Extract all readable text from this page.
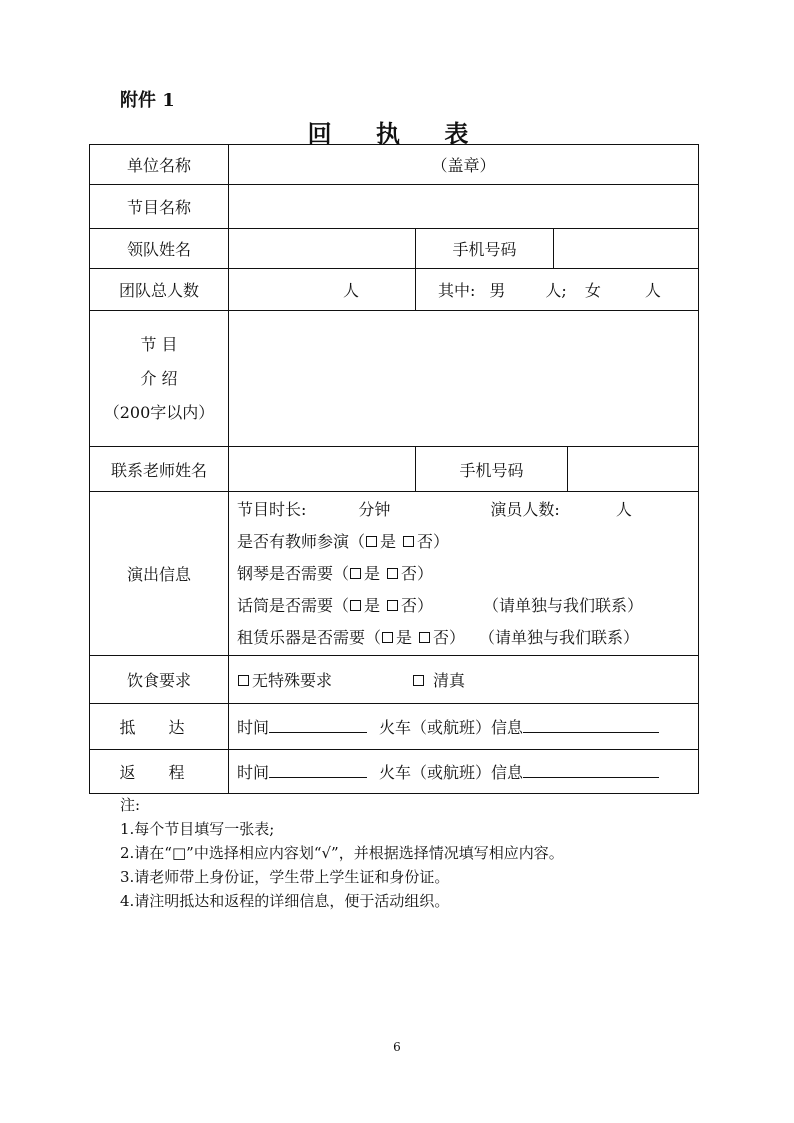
附件 1
回 执 表
单位名称	（盖章）		
节目名称			
领队姓名		手机号码	
团队总人数	人	其中: 男 人; 女 人	

节 目
介 绍
（200字以内）			

联系老师姓名		手机号码	

演出信息	节目时长: 分钟 演员人数: 人
是否有教师参演（ 是 否）
钢琴是否需要（ 是 否）
话筒是否需要（ 是 否） （请单独与我们联系）
租赁乐器是否需要（ 是 否） （请单独与我们联系）		

饮食要求	无特殊要求 清真		
抵 达	时间 火车（或航班）信息		
返 程	时间 火车（或航班）信息		
注:
1.每个节目填写一张表;
2.请在“□”中选择相应内容划“√”，并根据选择情况填写相应内容。
3.请老师带上身份证，学生带上学生证和身份证。
4.请注明抵达和返程的详细信息，便于活动组织。
6
